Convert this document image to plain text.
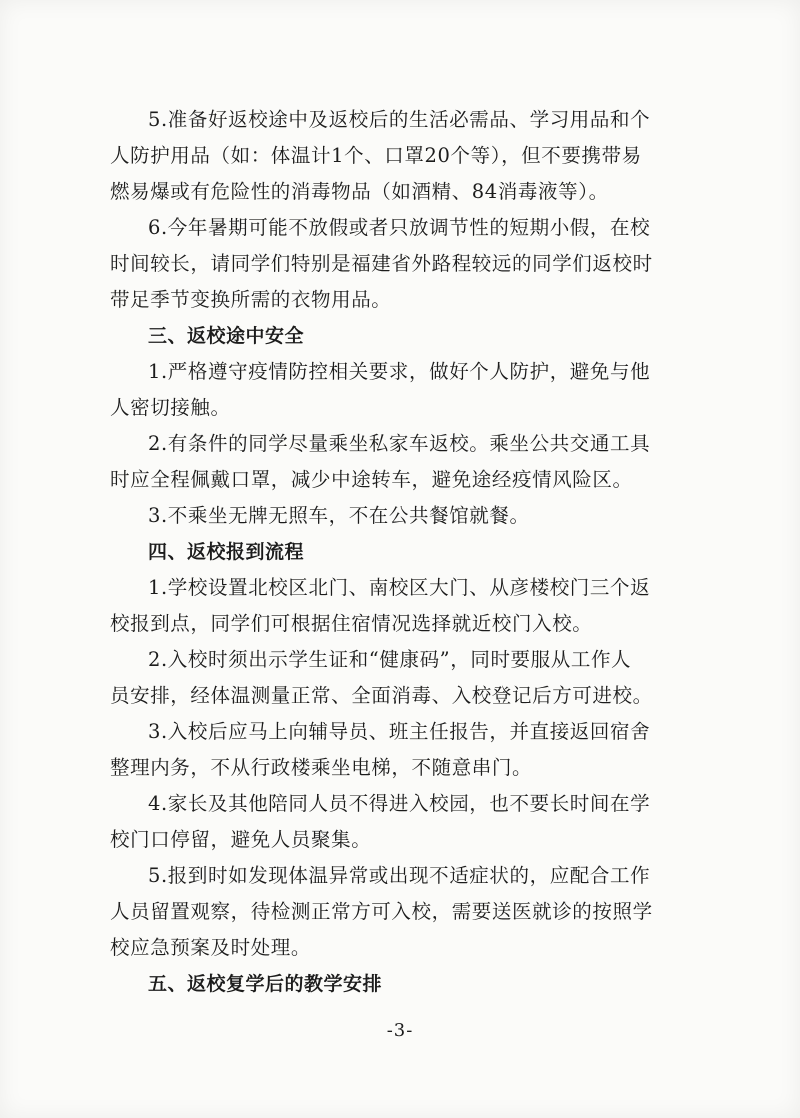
5.准备好返校途中及返校后的生活必需品、学习用品和个
人防护用品（如：体温计1个、口罩20个等），但不要携带易
燃易爆或有危险性的消毒物品（如酒精、84消毒液等）。
6.今年暑期可能不放假或者只放调节性的短期小假，在校
时间较长，请同学们特别是福建省外路程较远的同学们返校时
带足季节变换所需的衣物用品。
三、返校途中安全
1.严格遵守疫情防控相关要求，做好个人防护，避免与他
人密切接触。
2.有条件的同学尽量乘坐私家车返校。乘坐公共交通工具
时应全程佩戴口罩，减少中途转车，避免途经疫情风险区。
3.不乘坐无牌无照车，不在公共餐馆就餐。
四、返校报到流程
1.学校设置北校区北门、南校区大门、从彦楼校门三个返
校报到点，同学们可根据住宿情况选择就近校门入校。
2.入校时须出示学生证和“健康码”，同时要服从工作人
员安排，经体温测量正常、全面消毒、入校登记后方可进校。
3.入校后应马上向辅导员、班主任报告，并直接返回宿舍
整理内务，不从行政楼乘坐电梯，不随意串门。
4.家长及其他陪同人员不得进入校园，也不要长时间在学
校门口停留，避免人员聚集。
5.报到时如发现体温异常或出现不适症状的，应配合工作
人员留置观察，待检测正常方可入校，需要送医就诊的按照学
校应急预案及时处理。
五、返校复学后的教学安排
-3-
